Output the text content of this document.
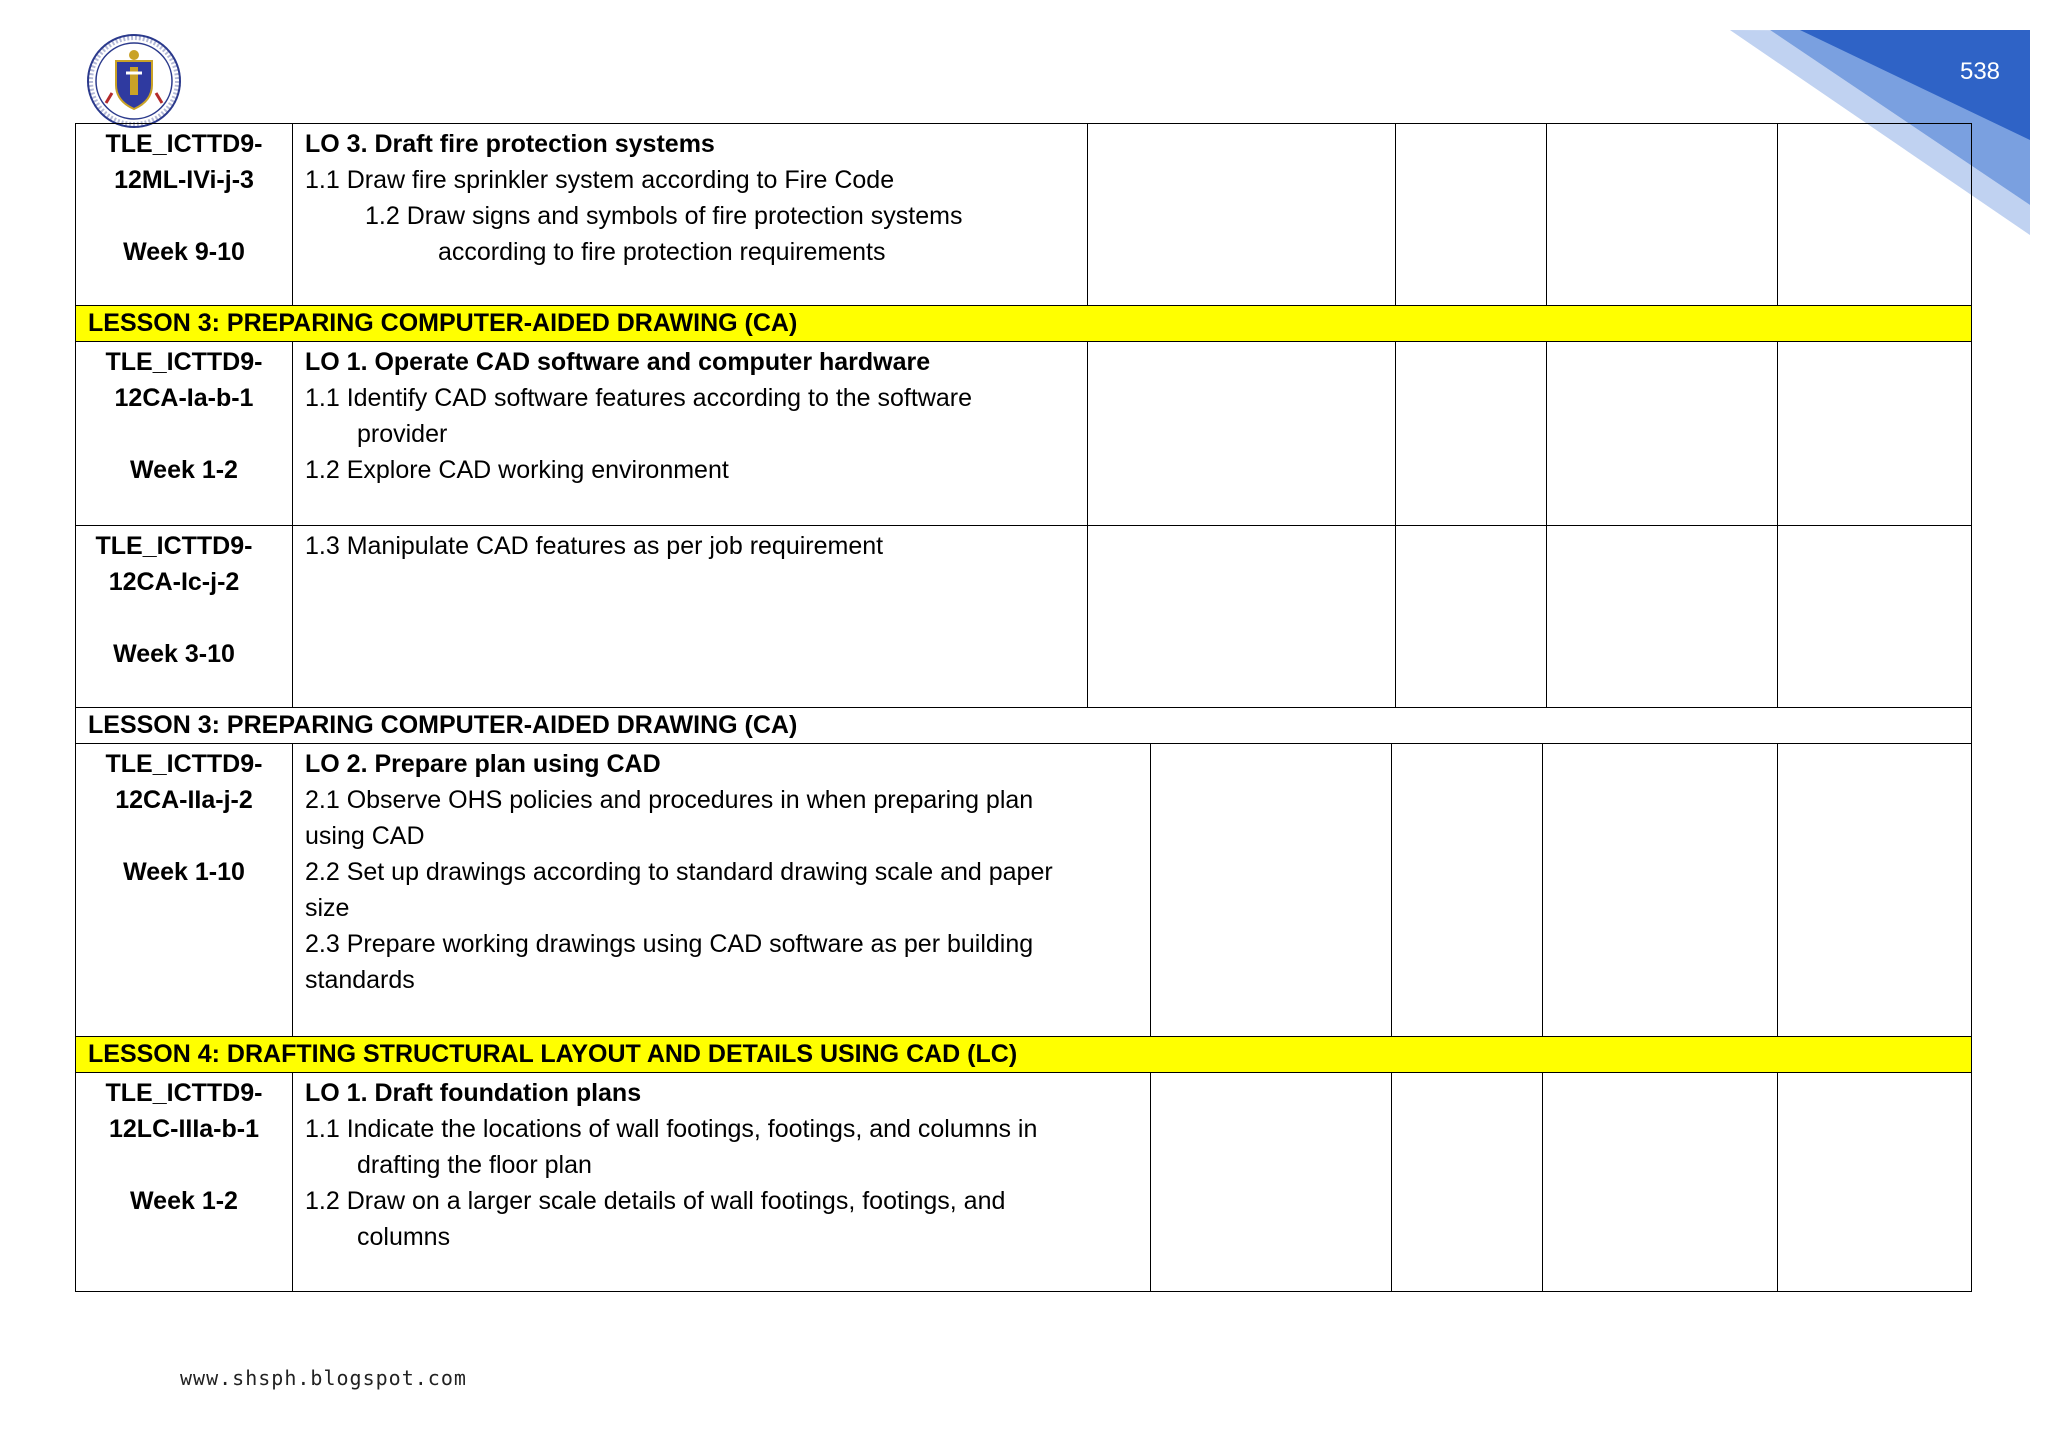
538
TLE_ICTTD9-
12ML-IVi-j-3
Week 9-10
LO 3. Draft fire protection systems
1.1 Draw fire sprinkler system according to Fire Code
1.2 Draw signs and symbols of fire protection systems
according to fire protection requirements
LESSON 3: PREPARING COMPUTER-AIDED DRAWING (CA)
TLE_ICTTD9-
12CA-Ia-b-1
Week 1-2
LO 1. Operate CAD software and computer hardware
1.1 Identify CAD software features according to the software
provider
1.2 Explore CAD working environment
TLE_ICTTD9-
12CA-Ic-j-2
Week 3-10
1.3 Manipulate CAD features as per job requirement
LESSON 3: PREPARING COMPUTER-AIDED DRAWING (CA)
TLE_ICTTD9-
12CA-IIa-j-2
Week 1-10
LO 2. Prepare plan using CAD
2.1 Observe OHS policies and procedures in when preparing plan
using CAD
2.2 Set up drawings according to standard drawing scale and paper
size
2.3 Prepare working drawings using CAD software as per building
standards
LESSON 4: DRAFTING STRUCTURAL LAYOUT AND DETAILS USING CAD (LC)
TLE_ICTTD9-
12LC-IIIa-b-1
Week 1-2
LO 1. Draft foundation plans
1.1 Indicate the locations of wall footings, footings, and columns in
drafting the floor plan
1.2 Draw on a larger scale details of wall footings, footings, and
columns
www.shsph.blogspot.com
